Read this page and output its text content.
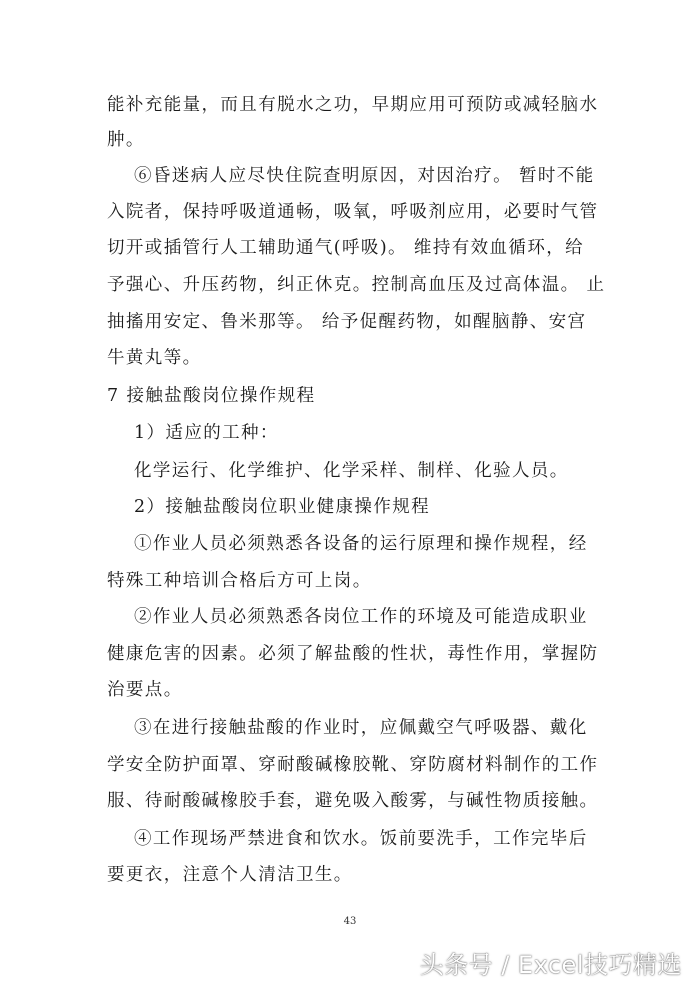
能补充能量，而且有脱水之功，早期应用可预防或减轻脑水
肿。
⑥昏迷病人应尽快住院查明原因，对因治疗。 暂时不能
入院者，保持呼吸道通畅，吸氧，呼吸剂应用，必要时气管
切开或插管行人工辅助通气(呼吸)。 维持有效血循环，给
予强心、升压药物，纠正休克。控制高血压及过高体温。 止
抽搐用安定、鲁米那等。 给予促醒药物，如醒脑静、安宫
牛黄丸等。
7 接触盐酸岗位操作规程
1）适应的工种：
化学运行、化学维护、化学采样、制样、化验人员。
2）接触盐酸岗位职业健康操作规程
①作业人员必须熟悉各设备的运行原理和操作规程，经
特殊工种培训合格后方可上岗。
②作业人员必须熟悉各岗位工作的环境及可能造成职业
健康危害的因素。必须了解盐酸的性状，毒性作用，掌握防
治要点。
③在进行接触盐酸的作业时，应佩戴空气呼吸器、戴化
学安全防护面罩、穿耐酸碱橡胶靴、穿防腐材料制作的工作
服、待耐酸碱橡胶手套，避免吸入酸雾，与碱性物质接触。
④工作现场严禁进食和饮水。饭前要洗手，工作完毕后
要更衣，注意个人清洁卫生。
43
头条号 / Excel技巧精选
